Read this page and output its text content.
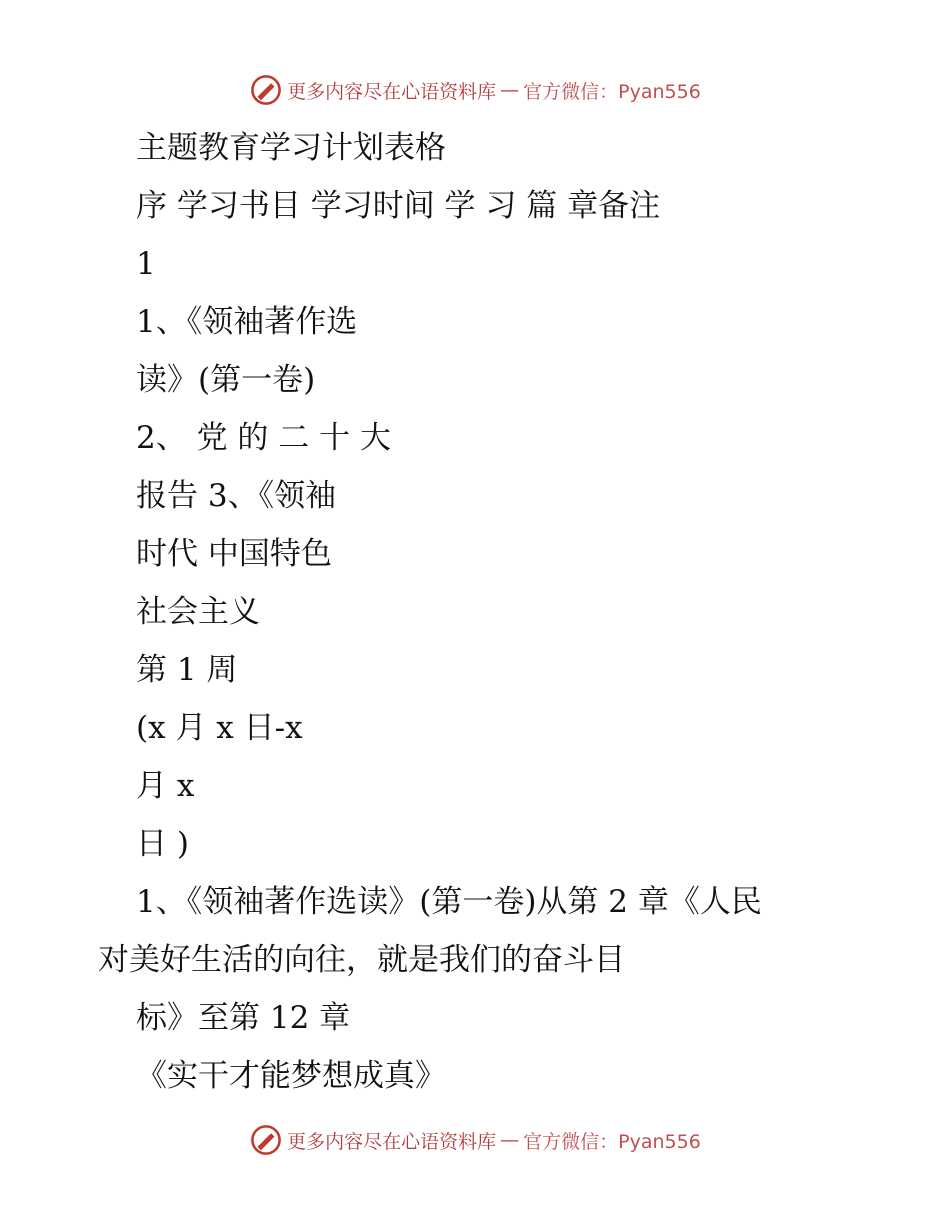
更多内容尽在心语资料库 — 官方微信：Pyan556
主题教育学习计划表格
序 学习书目 学习时间 学 习 篇 章备注
1
1、《领袖著作选
读》(第一卷)
2、 党 的 二 十 大
报告 3、《领袖
时代 中国特色
社会主义
第 1 周
(x 月 x 日-x
月 x
日 )
1、《领袖著作选读》(第一卷)从第 2 章《人民
对美好生活的向往，就是我们的奋斗目
标》至第 12 章
《实干才能梦想成真》
更多内容尽在心语资料库 — 官方微信：Pyan556
